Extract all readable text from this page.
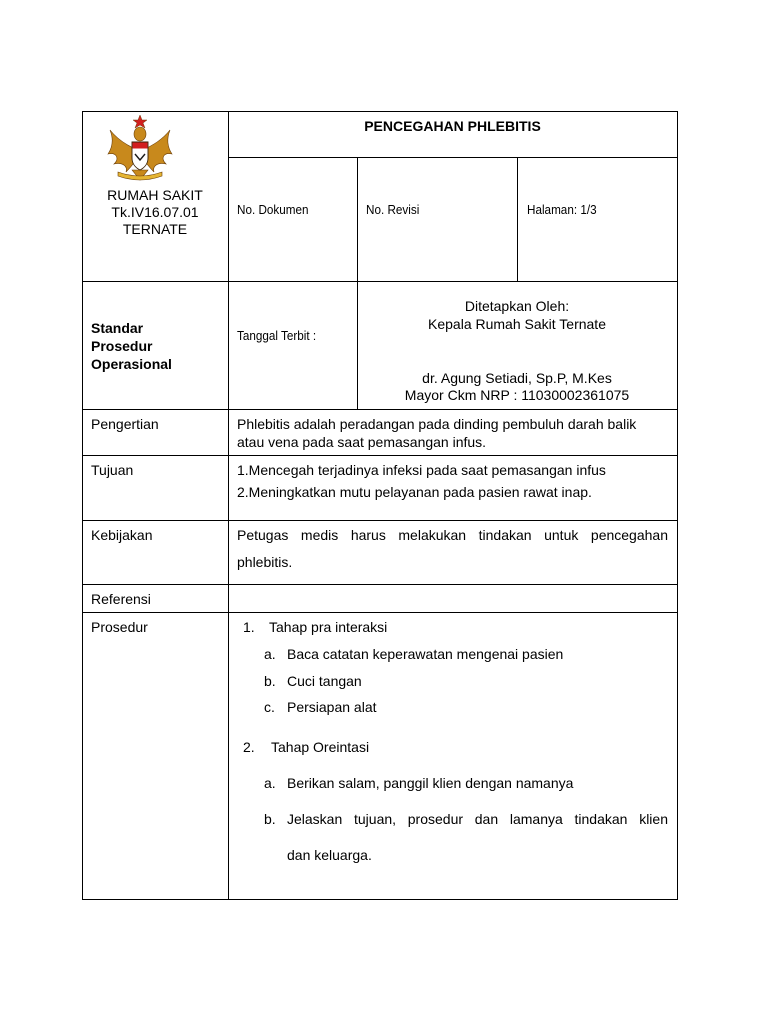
RUMAH SAKIT
Tk.IV16.07.01
TERNATE
PENCEGAHAN PHLEBITIS
No. Dokumen	No. Revisi	Halaman: 1/3
Standar
Prosedur
Operasional
Tanggal Terbit :
Ditetapkan Oleh:
Kepala Rumah Sakit Ternate
dr. Agung Setiadi, Sp.P, M.Kes
Mayor Ckm NRP : 11030002361075
Pengertian	Phlebitis adalah peradangan pada dinding pembuluh darah balik
atau vena pada saat pemasangan infus.
Tujuan	1.Mencegah terjadinya infeksi pada saat pemasangan infus
2.Meningkatkan mutu pelayanan pada pasien rawat inap.
Kebijakan	Petugas medis harus melakukan tindakan untuk pencegahan
phlebitis.
Referensi
Prosedur	1. Tahap pra interaksi
a. Baca catatan keperawatan mengenai pasien
b. Cuci tangan
c. Persiapan alat
2. Tahap Oreintasi
a. Berikan salam, panggil klien dengan namanya
b. Jelaskan tujuan, prosedur dan lamanya tindakan klien
dan keluarga.
